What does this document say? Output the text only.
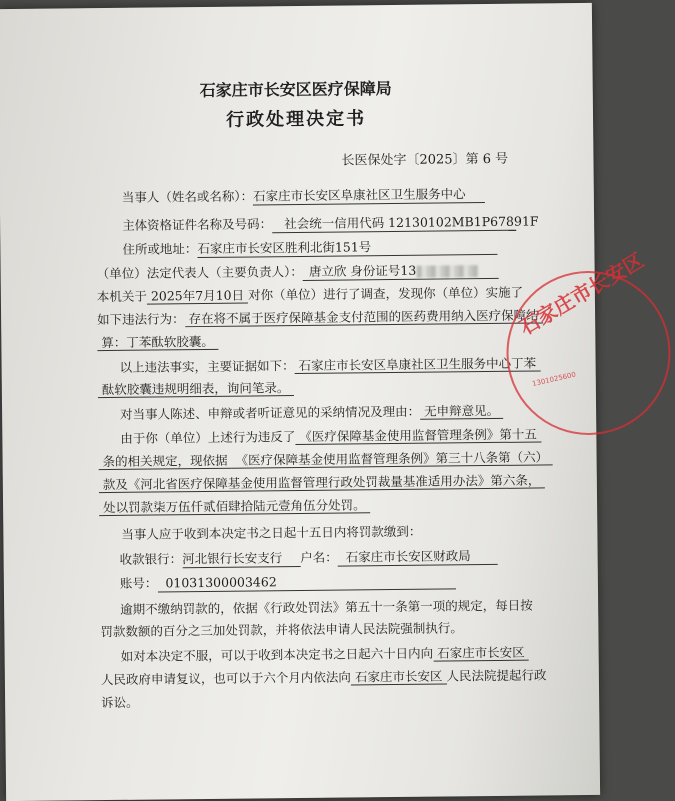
石家庄市长安区医疗保障局
行政处理决定书
长医保处字〔2025〕第 6 号
当事人（姓名或名称）：石家庄市长安区阜康社区卫生服务中心
主体资格证件名称及号码： 社会统一信用代码 12130102MB1P67891F
住所或地址：石家庄市长安区胜利北街151号
（单位）法定代表人（主要负责人）： 唐立欣 身份证号13
本机关于 2025年7月10日 对你（单位）进行了调查，发现你（单位）实施了
如下违法行为： 存在将不属于医疗保障基金支付范围的医药费用纳入医疗保障结
算：丁苯酞软胶囊。
以上违法事实，主要证据如下： 石家庄市长安区阜康社区卫生服务中心丁苯
酞软胶囊违规明细表，询问笔录。
对当事人陈述、申辩或者听证意见的采纳情况及理由： 无申辩意见。
由于你（单位）上述行为违反了 《医疗保障基金使用监督管理条例》第十五
条的相关规定，现依据 《医疗保障基金使用监督管理条例》第三十八条第（六）
款及《河北省医疗保障基金使用监督管理行政处罚裁量基准适用办法》第六条，
处以罚款柒万伍仟贰佰肆拾陆元壹角伍分处罚。
当事人应于收到本决定书之日起十五日内将罚款缴到：
收款银行：河北银行长安支行 户名： 石家庄市长安区财政局
账号： 01031300003462
逾期不缴纳罚款的，依据《行政处罚法》第五十一条第一项的规定，每日按
罚款数额的百分之三加处罚款，并将依法申请人民法院强制执行。
如对本决定不服，可以于收到本决定书之日起六十日内向 石家庄市长安区
人民政府申请复议，也可以于六个月内依法向 石家庄市长安区 人民法院提起行政
诉讼。
石家庄市长安区
1301025600
